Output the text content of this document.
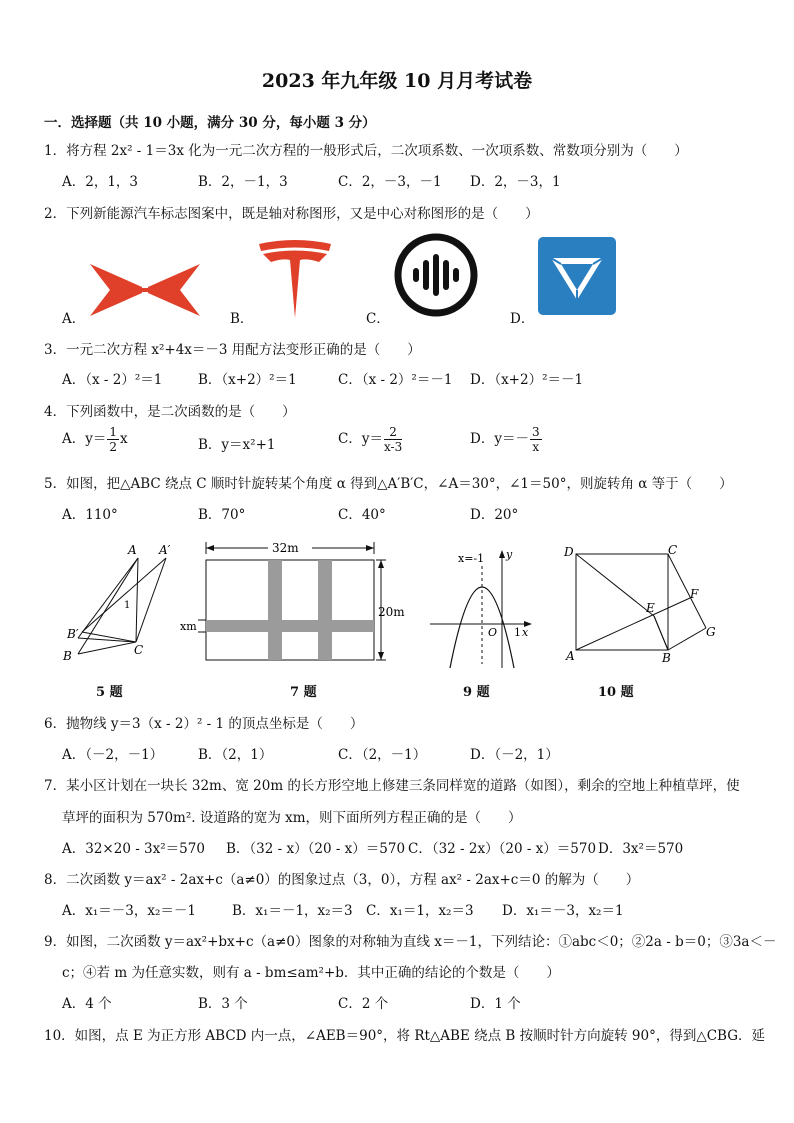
2023 年九年级 10 月月考试卷
一．选择题（共 10 小题，满分 30 分，每小题 3 分）
1．将方程 2x² - 1＝3x 化为一元二次方程的一般形式后，二次项系数、一次项系数、常数项分别为（　　）
A．2，1，3	B．2，－1，3	C．2，－3，－1 D．2，－3，1
2．下列新能源汽车标志图案中，既是轴对称图形，又是中心对称图形的是（　　）
A．	B．	C．	D．
3．一元二次方程 x²+4x＝－3 用配方法变形正确的是（　　）
A．（x - 2）²＝1	B．（x+2）²＝1	C．（x - 2）²＝－1 D．（x+2）²＝－1
4．下列函数中，是二次函数的是（　　）
A．$y= \frac{1}{2}$ x	B．y＝x²+1	C．$y= \frac{2}{x-3}$	D．$y=- \frac{3}{x}$
5．如图，把△ABC 绕点 C 顺时针旋转某个角度 α 得到△A′B′C，∠A＝30°，∠1＝50°，则旋转角 α 等于（　　）
A．110°	B．70°	C．40°	D．20°
A A′
1
B′
B	C
5 题
32m
20m
xm
7 题
x=-1 y
x
O 1
9 题
D	C
E
F
G
A	B
10 题
6．抛物线 y＝3（x - 2）² - 1 的顶点坐标是（　　）
A．（－2，－1）	B．（2，1）	C．（2，－1）	D．（－2，1）
7．某小区计划在一块长 32m、宽 20m 的长方形空地上修建三条同样宽的道路（如图），剩余的空地上种植草坪，使
草坪的面积为 570m². 设道路的宽为 xm，则下面所列方程正确的是（　　）
A．32×20 - 3x²＝570 B．（32 - x）（20 - x）＝570 C．（32 - 2x）（20 - x）＝570 D．3x²＝570
8．二次函数 y＝ax² - 2ax+c（a≠0）的图象过点（3，0），方程 ax² - 2ax+c＝0 的解为（　　）
A．x₁＝－3，x₂＝－1	B．x₁＝－1，x₂＝3 C．x₁＝1，x₂＝3 D．x₁＝－3，x₂＝1
9．如图，二次函数 y＝ax²+bx+c（a≠0）图象的对称轴为直线 x＝－1，下列结论：①abc＜0；②2a - b＝0；③3a＜－
c；④若 m 为任意实数，则有 a - bm≤am²+b．其中正确的结论的个数是（　　）
A．4 个	B．3 个	C．2 个	D．1 个
10．如图，点 E 为正方形 ABCD 内一点，∠AEB＝90°，将 Rt△ABE 绕点 B 按顺时针方向旋转 90°，得到△CBG．延
